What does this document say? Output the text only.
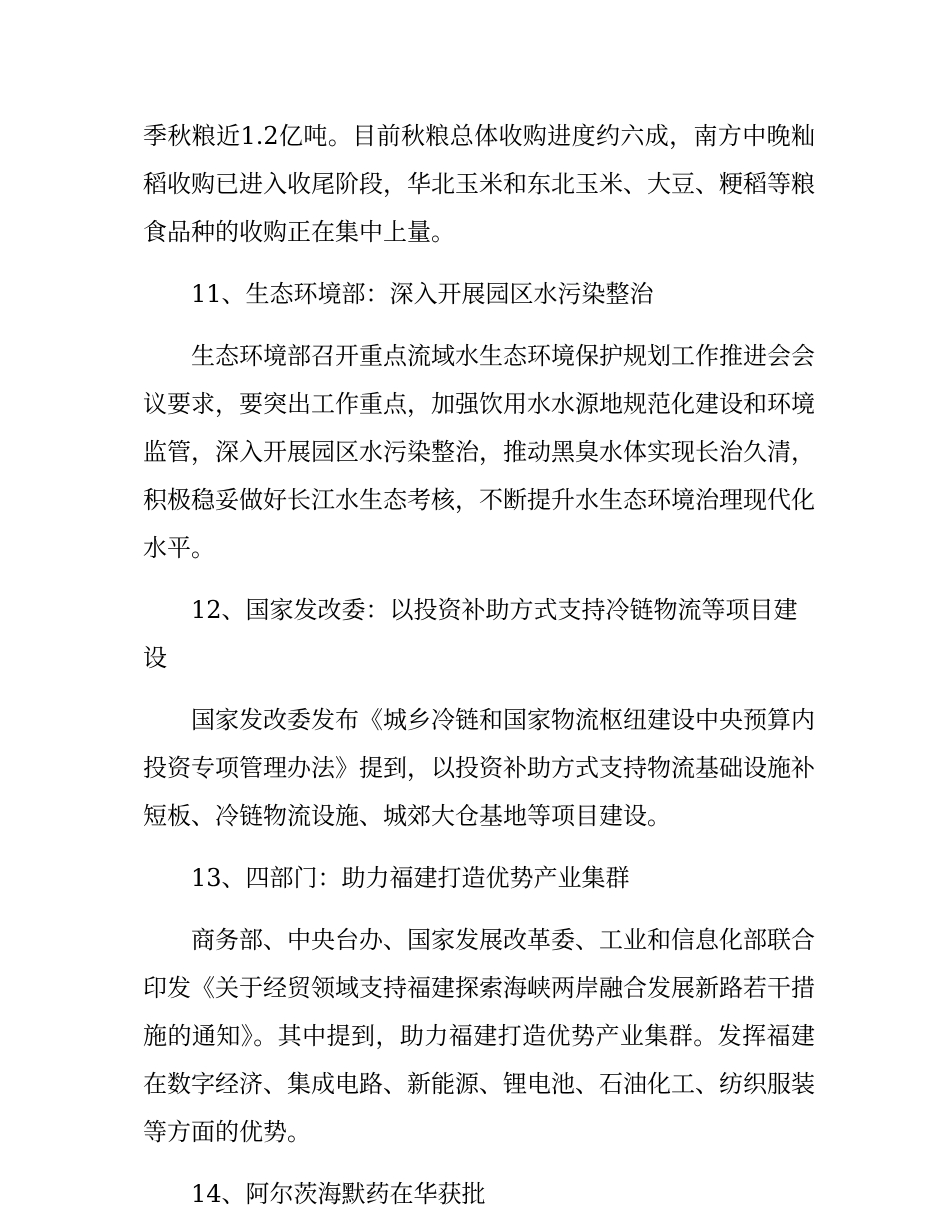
季秋粮近1.2亿吨。目前秋粮总体收购进度约六成，南方中晚籼稻收购已进入收尾阶段，华北玉米和东北玉米、大豆、粳稻等粮食品种的收购正在集中上量。

11、生态环境部：深入开展园区水污染整治

生态环境部召开重点流域水生态环境保护规划工作推进会会议要求，要突出工作重点，加强饮用水水源地规范化建设和环境监管，深入开展园区水污染整治，推动黑臭水体实现长治久清，积极稳妥做好长江水生态考核，不断提升水生态环境治理现代化水平。

12、国家发改委：以投资补助方式支持冷链物流等项目建设

国家发改委发布《城乡冷链和国家物流枢纽建设中央预算内投资专项管理办法》提到，以投资补助方式支持物流基础设施补短板、冷链物流设施、城郊大仓基地等项目建设。

13、四部门：助力福建打造优势产业集群

商务部、中央台办、国家发展改革委、工业和信息化部联合印发《关于经贸领域支持福建探索海峡两岸融合发展新路若干措施的通知》。其中提到，助力福建打造优势产业集群。发挥福建在数字经济、集成电路、新能源、锂电池、石油化工、纺织服装等方面的优势。

14、阿尔茨海默药在华获批
